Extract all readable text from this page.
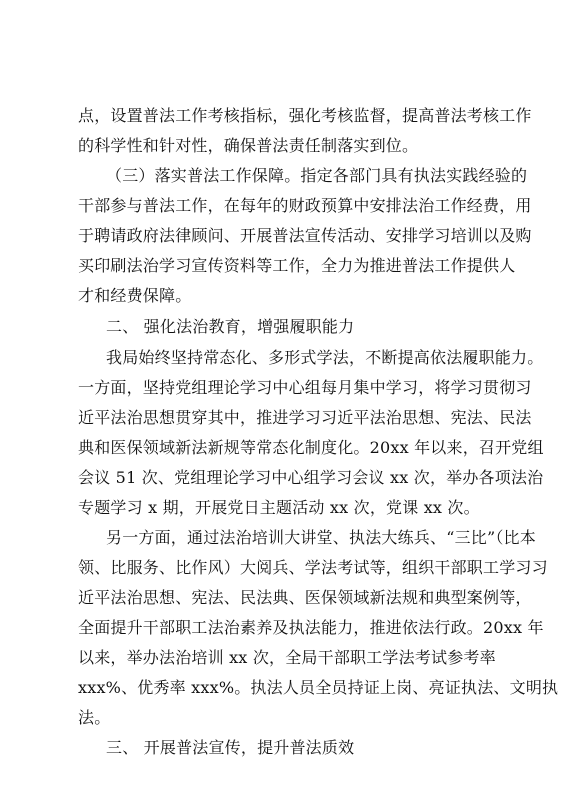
点，设置普法工作考核指标，强化考核监督，提高普法考核工作
的科学性和针对性，确保普法责任制落实到位。
（三）落实普法工作保障。指定各部门具有执法实践经验的
干部参与普法工作，在每年的财政预算中安排法治工作经费，用
于聘请政府法律顾问、开展普法宣传活动、安排学习培训以及购
买印刷法治学习宣传资料等工作，全力为推进普法工作提供人
才和经费保障。
二、 强化法治教育，增强履职能力
我局始终坚持常态化、多形式学法，不断提高依法履职能力。
一方面，坚持党组理论学习中心组每月集中学习，将学习贯彻习
近平法治思想贯穿其中，推进学习习近平法治思想、宪法、民法
典和医保领域新法新规等常态化制度化。20xx 年以来，召开党组
会议 51 次、党组理论学习中心组学习会议 xx 次，举办各项法治
专题学习 x 期，开展党日主题活动 xx 次，党课 xx 次。
另一方面，通过法治培训大讲堂、执法大练兵、“三比”（比本
领、比服务、比作风）大阅兵、学法考试等，组织干部职工学习习
近平法治思想、宪法、民法典、医保领域新法规和典型案例等，
全面提升干部职工法治素养及执法能力，推进依法行政。20xx 年
以来，举办法治培训 xx 次，全局干部职工学法考试参考率
xxx%、优秀率 xxx%。执法人员全员持证上岗、亮证执法、文明执
法。
三、 开展普法宣传，提升普法质效
